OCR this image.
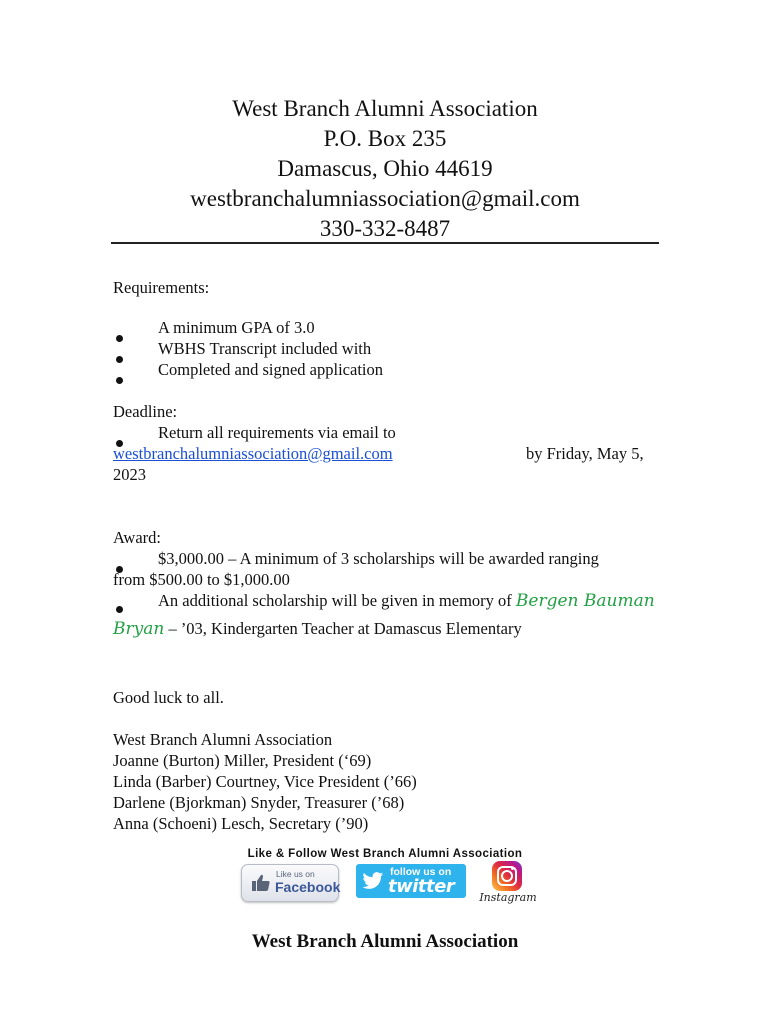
West Branch Alumni Association
P.O. Box 235
Damascus, Ohio 44619
westbranchalumniassociation@gmail.com
330-332-8487
Requirements:
A minimum GPA of 3.0
WBHS Transcript included with
Completed and signed application
Deadline:
Return all requirements via email to
westbranchalumniassociation@gmail.com	by Friday, May 5,
2023
Award:
$3,000.00 – A minimum of 3 scholarships will be awarded ranging
from $500.00 to $1,000.00
An additional scholarship will be given in memory of Bergen Bauman
Bryan – ’03, Kindergarten Teacher at Damascus Elementary
Good luck to all.
West Branch Alumni Association
Joanne (Burton) Miller, President (‘69)
Linda (Barber) Courtney, Vice President (’66)
Darlene (Bjorkman) Snyder, Treasurer (’68)
Anna (Schoeni) Lesch, Secretary (’90)
Like & Follow West Branch Alumni Association
Like us on
Facebook
follow us on
twitter
Instagram
West Branch Alumni Association
